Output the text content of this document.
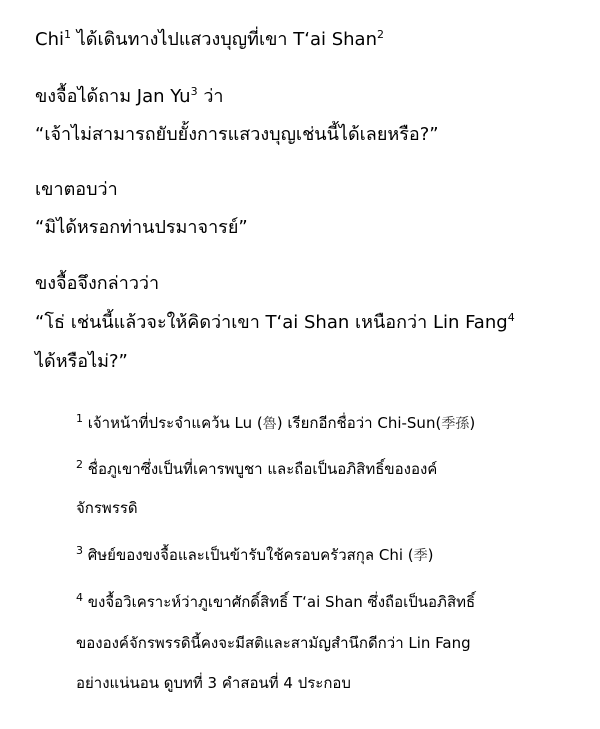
Chi$^1$ ได้เดินทางไปแสวงบุญที่เขา T‘ai Shan$^2$
ขงจื้อได้ถาม Jan Yu$^3$ ว่า
“เจ้าไม่สามารถยับยั้งการแสวงบุญเช่นนี้ได้เลยหรือ?”
เขาตอบว่า
“มิได้หรอกท่านปรมาจารย์”
ขงจื้อจึงกล่าวว่า
“โธ่ เช่นนี้แล้วจะให้คิดว่าเขา T‘ai Shan เหนือกว่า Lin Fang$^4$
ได้หรือไม่?”
$^1$ เจ้าหน้าที่ประจำแคว้น Lu (魯) เรียกอีกชื่อว่า Chi-Sun(季孫)
$^2$ ชื่อภูเขาซึ่งเป็นที่เคารพบูชา และถือเป็นอภิสิทธิ์ขององค์
จักรพรรดิ
$^3$ ศิษย์ของขงจื้อและเป็นข้ารับใช้ครอบครัวสกุล Chi (季)
$^4$ ขงจื้อวิเคราะห์ว่าภูเขาศักดิ์สิทธิ์ T‘ai Shan ซึ่งถือเป็นอภิสิทธิ์
ขององค์จักรพรรดินี้คงจะมีสติและสามัญสำนึกดีกว่า Lin Fang
อย่างแน่นอน ดูบทที่ 3 คำสอนที่ 4 ประกอบ
